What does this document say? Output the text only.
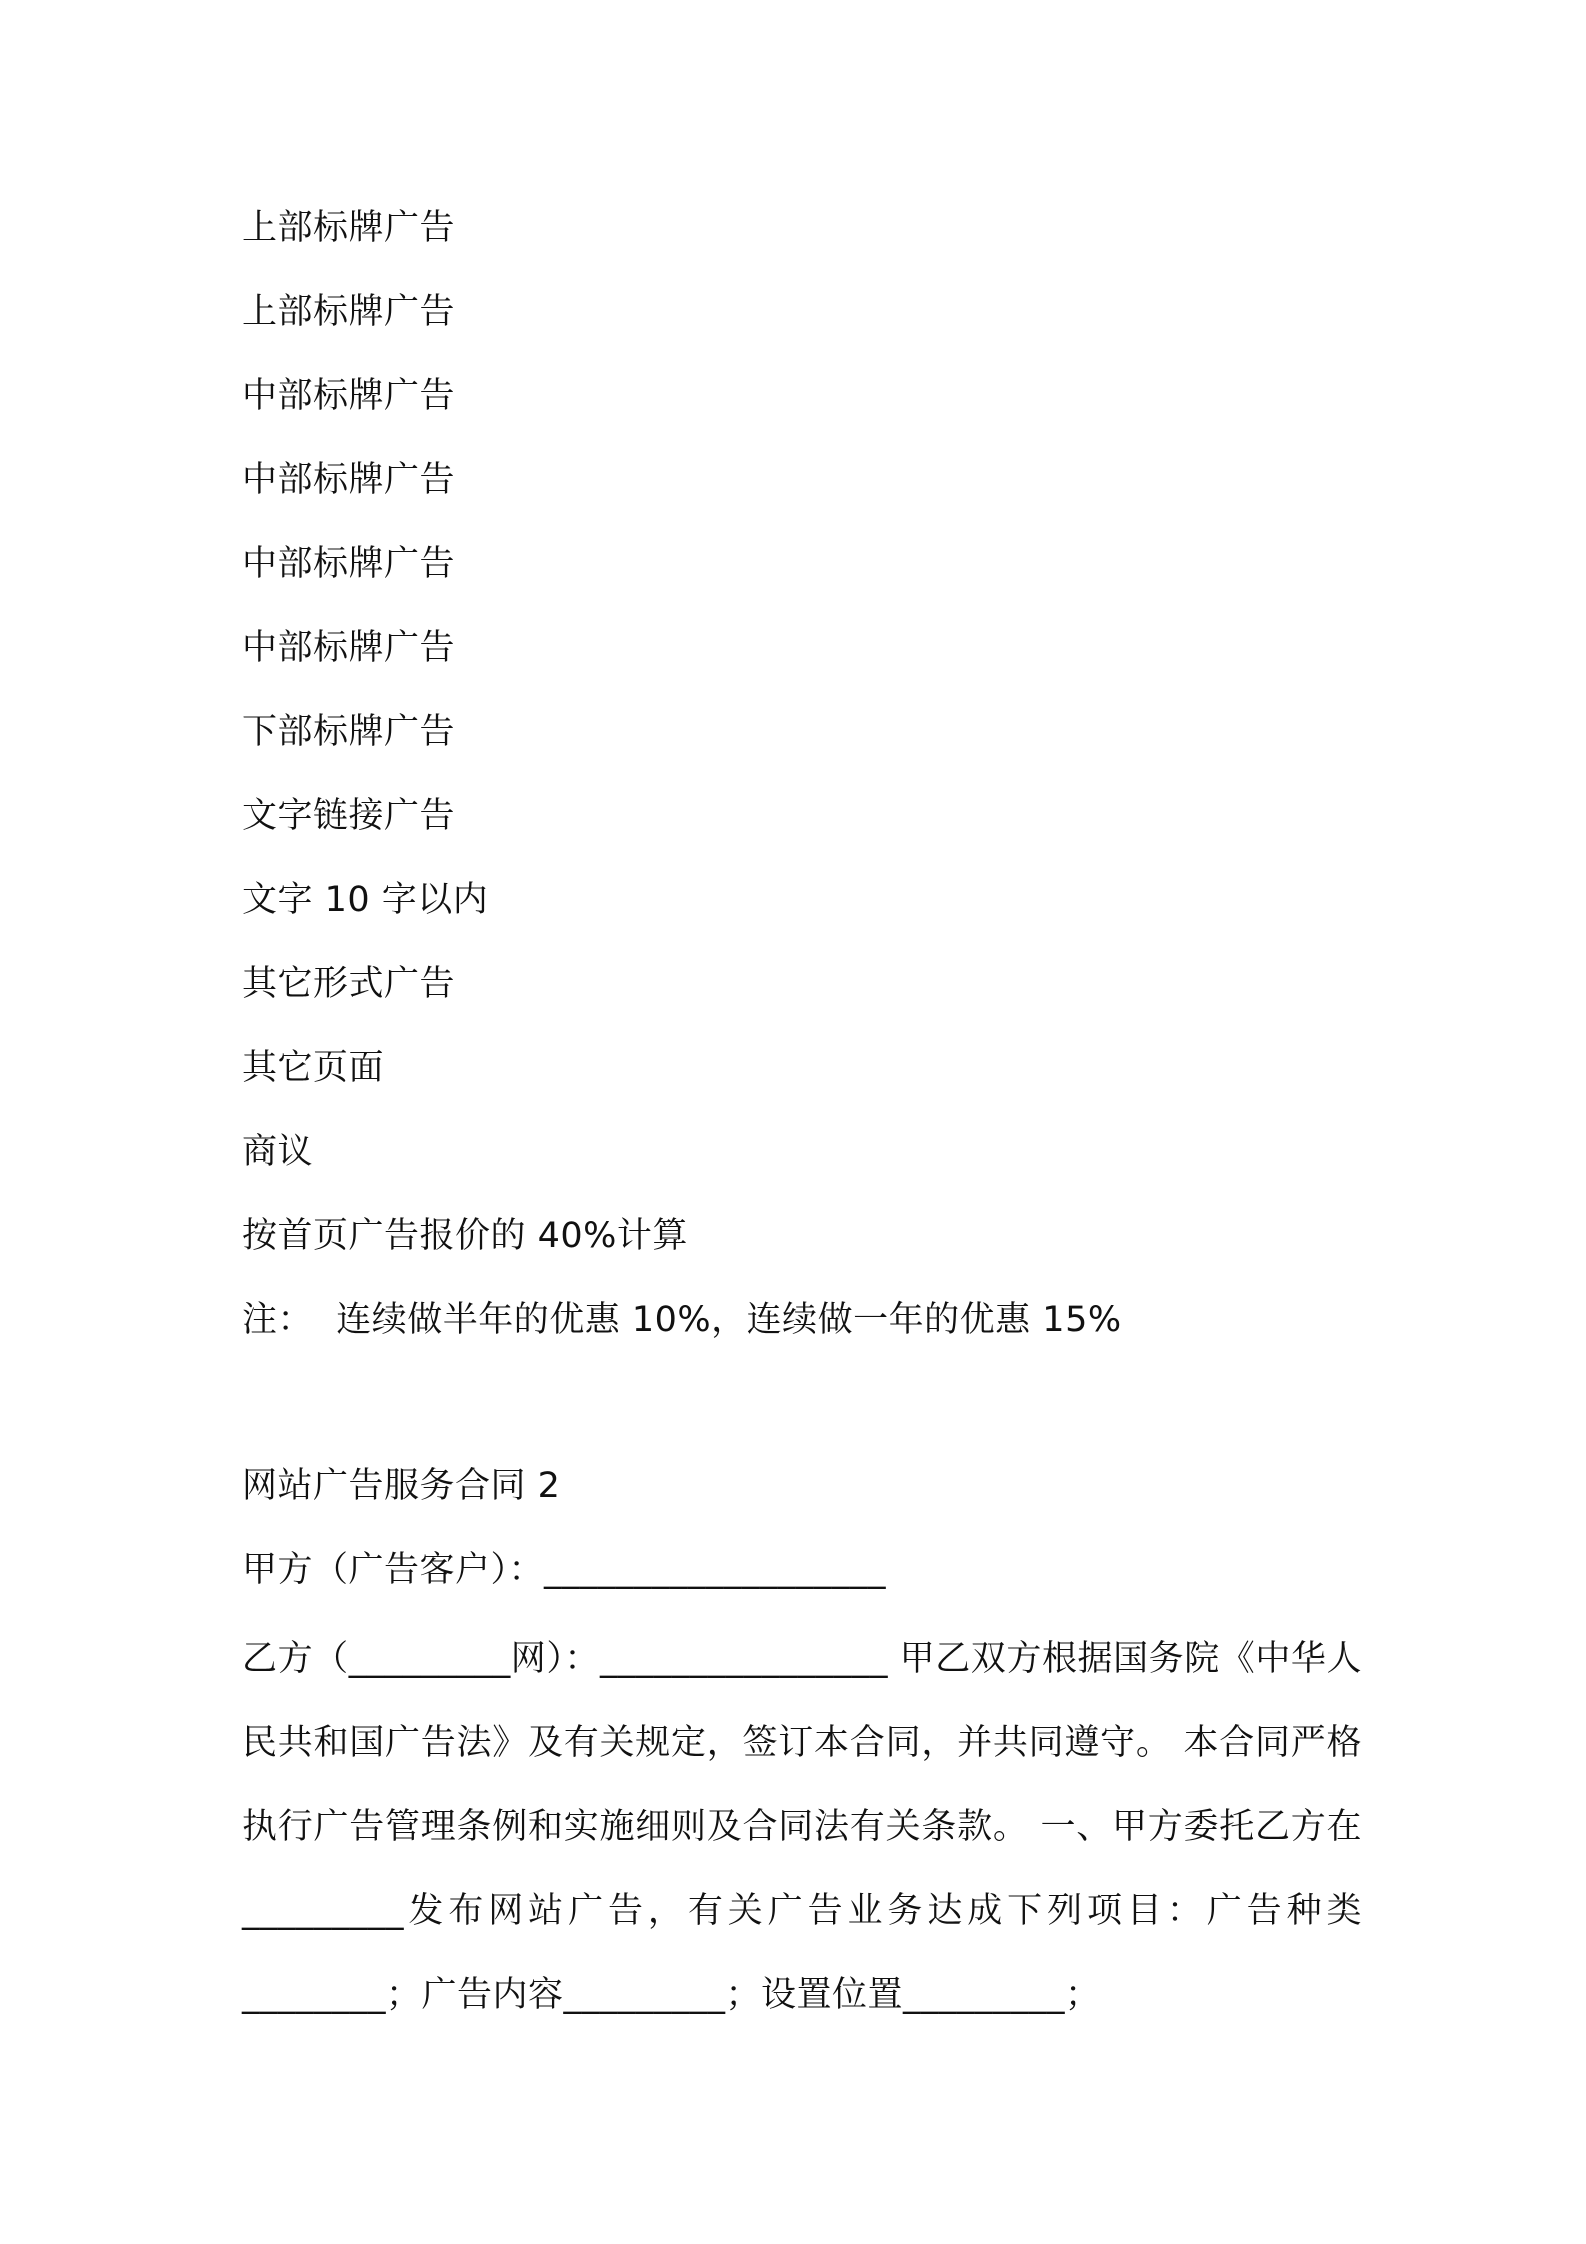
上部标牌广告
上部标牌广告
中部标牌广告
中部标牌广告
中部标牌广告
中部标牌广告
下部标牌广告
文字链接广告
文字 10 字以内
其它形式广告
其它页面
商议
按首页广告报价的 40%计算
注：  连续做半年的优惠 10%，连续做一年的优惠 15%
网站广告服务合同 2
甲方（广告客户）：___________________
乙方（_________网）：________________ 甲乙双方根据国务院《中华人民共和国广告法》及有关规定，签订本合同，并共同遵守。 本合同严格执行广告管理条例和实施细则及合同法有关条款。 一、甲方委托乙方在_________发布网站广告，有关广告业务达成下列项目：广告种类________；广告内容_________；设置位置_________；
